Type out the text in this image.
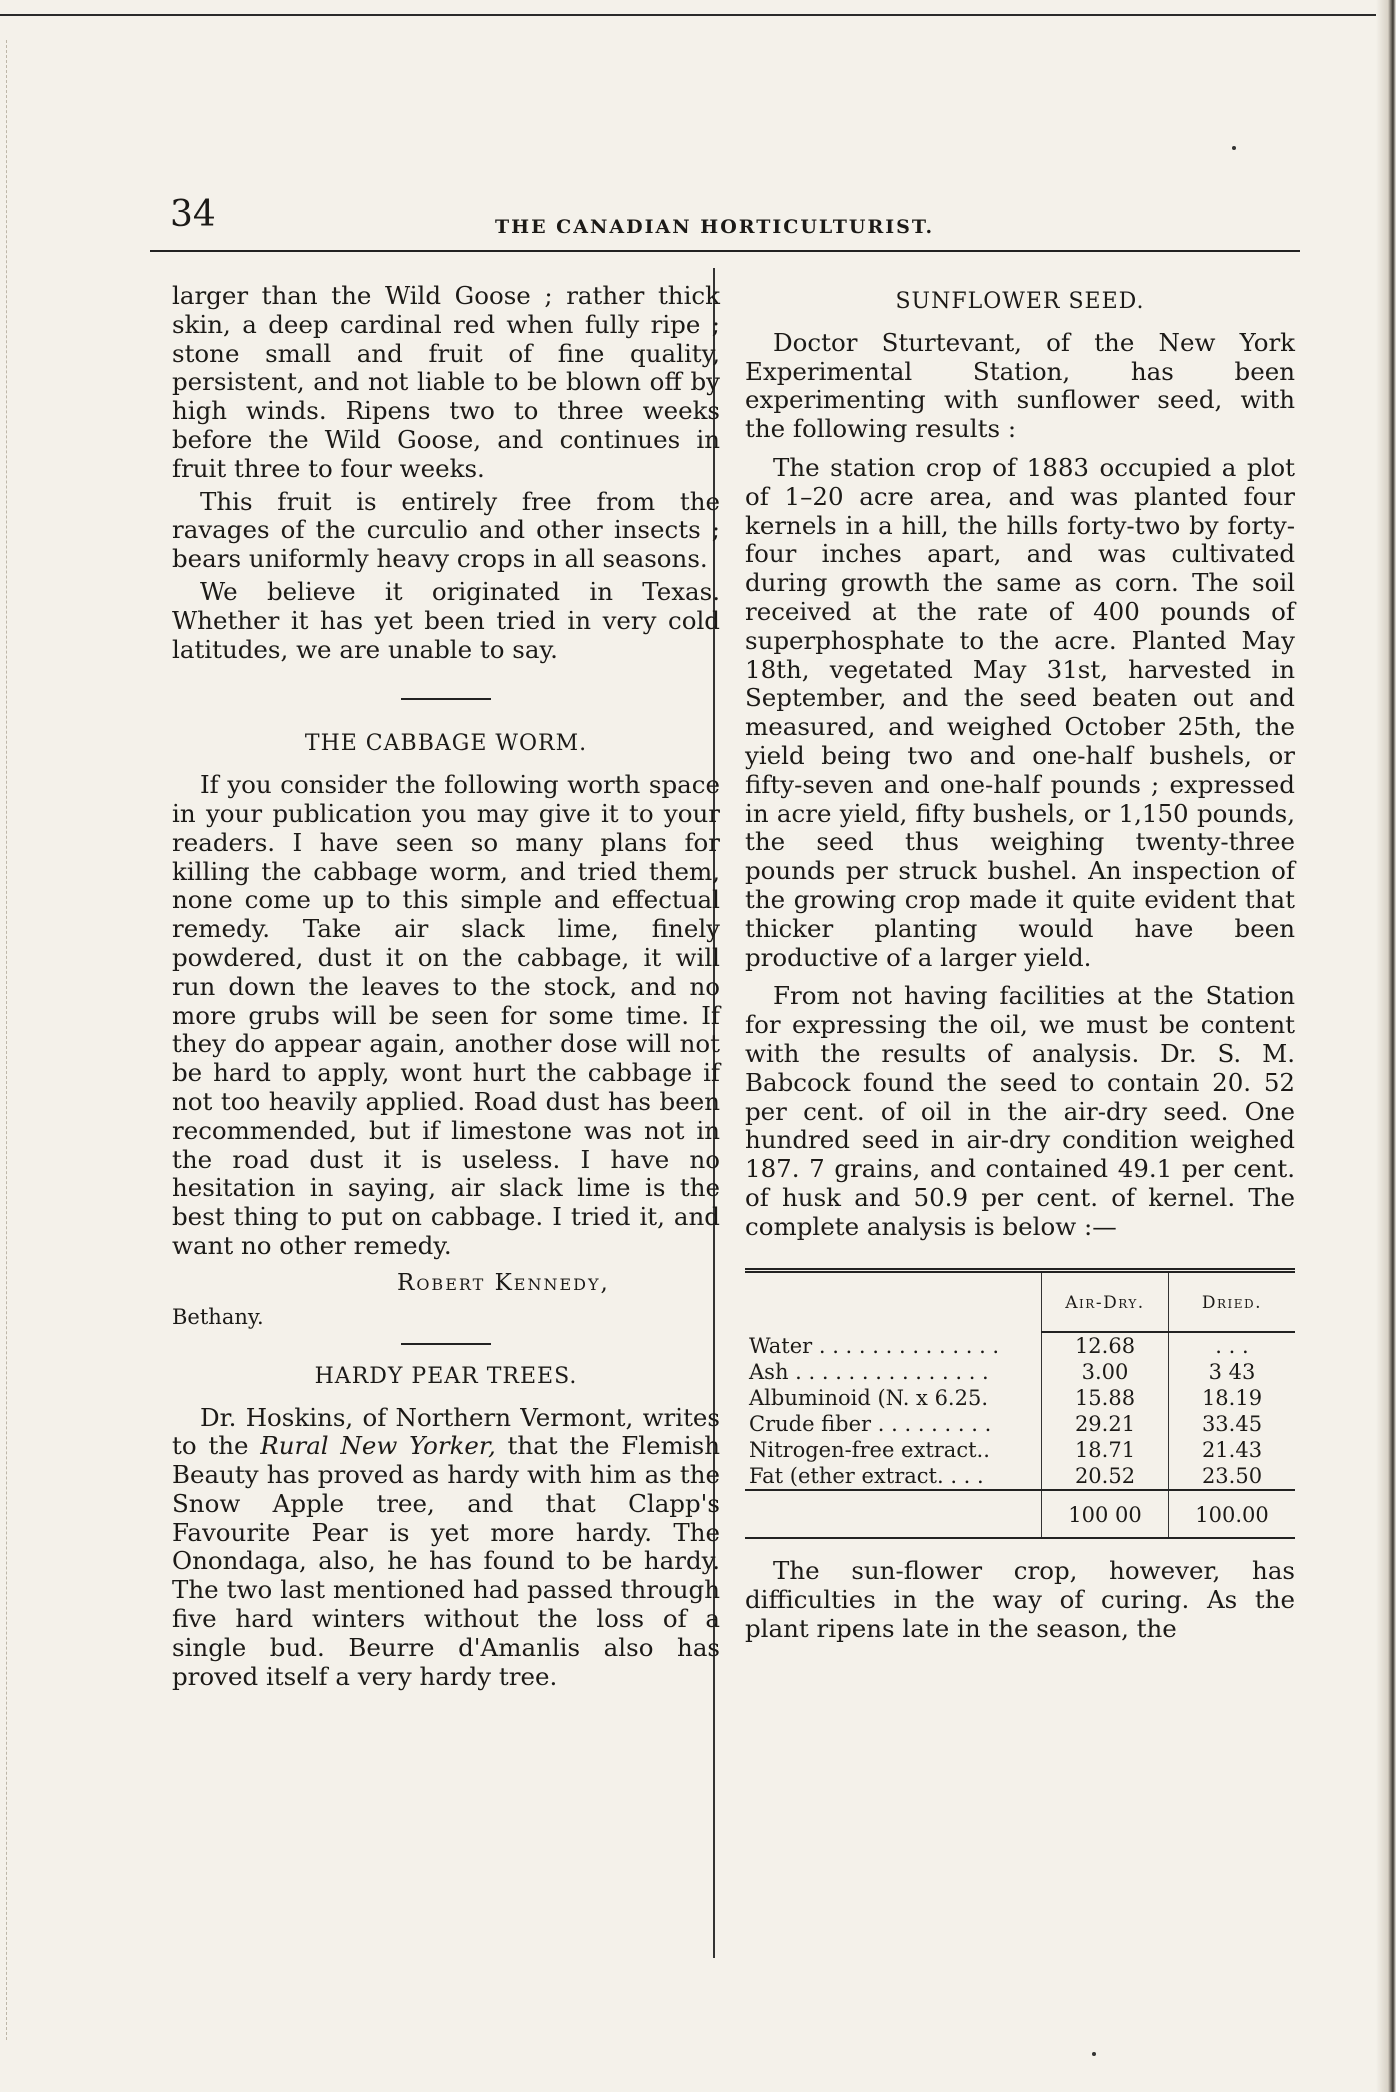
34	THE CANADIAN HORTICULTURIST.

larger than the Wild Goose ; rather thick skin, a deep cardinal red when fully ripe ; stone small and fruit of fine quality, persistent, and not liable to be blown off by high winds. Ripens two to three weeks before the Wild Goose, and continues in fruit three to four weeks.

This fruit is entirely free from the ravages of the curculio and other insects ; bears uniformly heavy crops in all seasons.

We believe it originated in Texas. Whether it has yet been tried in very cold latitudes, we are unable to say.

THE CABBAGE WORM.

If you consider the following worth space in your publication you may give it to your readers. I have seen so many plans for killing the cabbage worm, and tried them, none come up to this simple and effectual remedy. Take air slack lime, finely powdered, dust it on the cabbage, it will run down the leaves to the stock, and no more grubs will be seen for some time. If they do appear again, another dose will not be hard to apply, wont hurt the cabbage if not too heavily applied. Road dust has been recommended, but if limestone was not in the road dust it is useless. I have no hesitation in saying, air slack lime is the best thing to put on cabbage. I tried it, and want no other remedy.

Robert Kennedy,
Bethany.
HARDY PEAR TREES.

Dr. Hoskins, of Northern Vermont, writes to the Rural New Yorker, that the Flemish Beauty has proved as hardy with him as the Snow Apple tree, and that Clapp's Favourite Pear is yet more hardy. The Onondaga, also, he has found to be hardy. The two last mentioned had passed through five hard winters without the loss of a single bud. Beurre d'Amanlis also has proved itself a very hardy tree.

SUNFLOWER SEED.

Doctor Sturtevant, of the New York Experimental Station, has been experimenting with sunflower seed, with the following results :

The station crop of 1883 occupied a plot of 1–20 acre area, and was planted four kernels in a hill, the hills forty-two by forty-four inches apart, and was cultivated during growth the same as corn. The soil received at the rate of 400 pounds of superphosphate to the acre. Planted May 18th, vegetated May 31st, harvested in September, and the seed beaten out and measured, and weighed October 25th, the yield being two and one-half bushels, or fifty-seven and one-half pounds ; expressed in acre yield, fifty bushels, or 1,150 pounds, the seed thus weighing twenty-three pounds per struck bushel. An inspection of the growing crop made it quite evident that thicker planting would have been productive of a larger yield.

From not having facilities at the Station for expressing the oil, we must be content with the results of analysis. Dr. S. M. Babcock found the seed to contain 20. 52 per cent. of oil in the air-dry seed. One hundred seed in air-dry condition weighed 187. 7 grains, and contained 49.1 per cent. of husk and 50.9 per cent. of kernel. The complete analysis is below :—

	Air-Dry.	Dried.
Water . . . . . . . . . . . . . .	12.68	. . .
Ash . . . . . . . . . . . . . . .	3.00	3 43
Albuminoid (N. x 6.25.	15.88	18.19
Crude fiber . . . . . . . . .	29.21	33.45
Nitrogen-free extract..	18.71	21.43
Fat (ether extract. . . .	20.52	23.50
	100 00	100.00

The sun-flower crop, however, has difficulties in the way of curing. As the plant ripens late in the season, the
